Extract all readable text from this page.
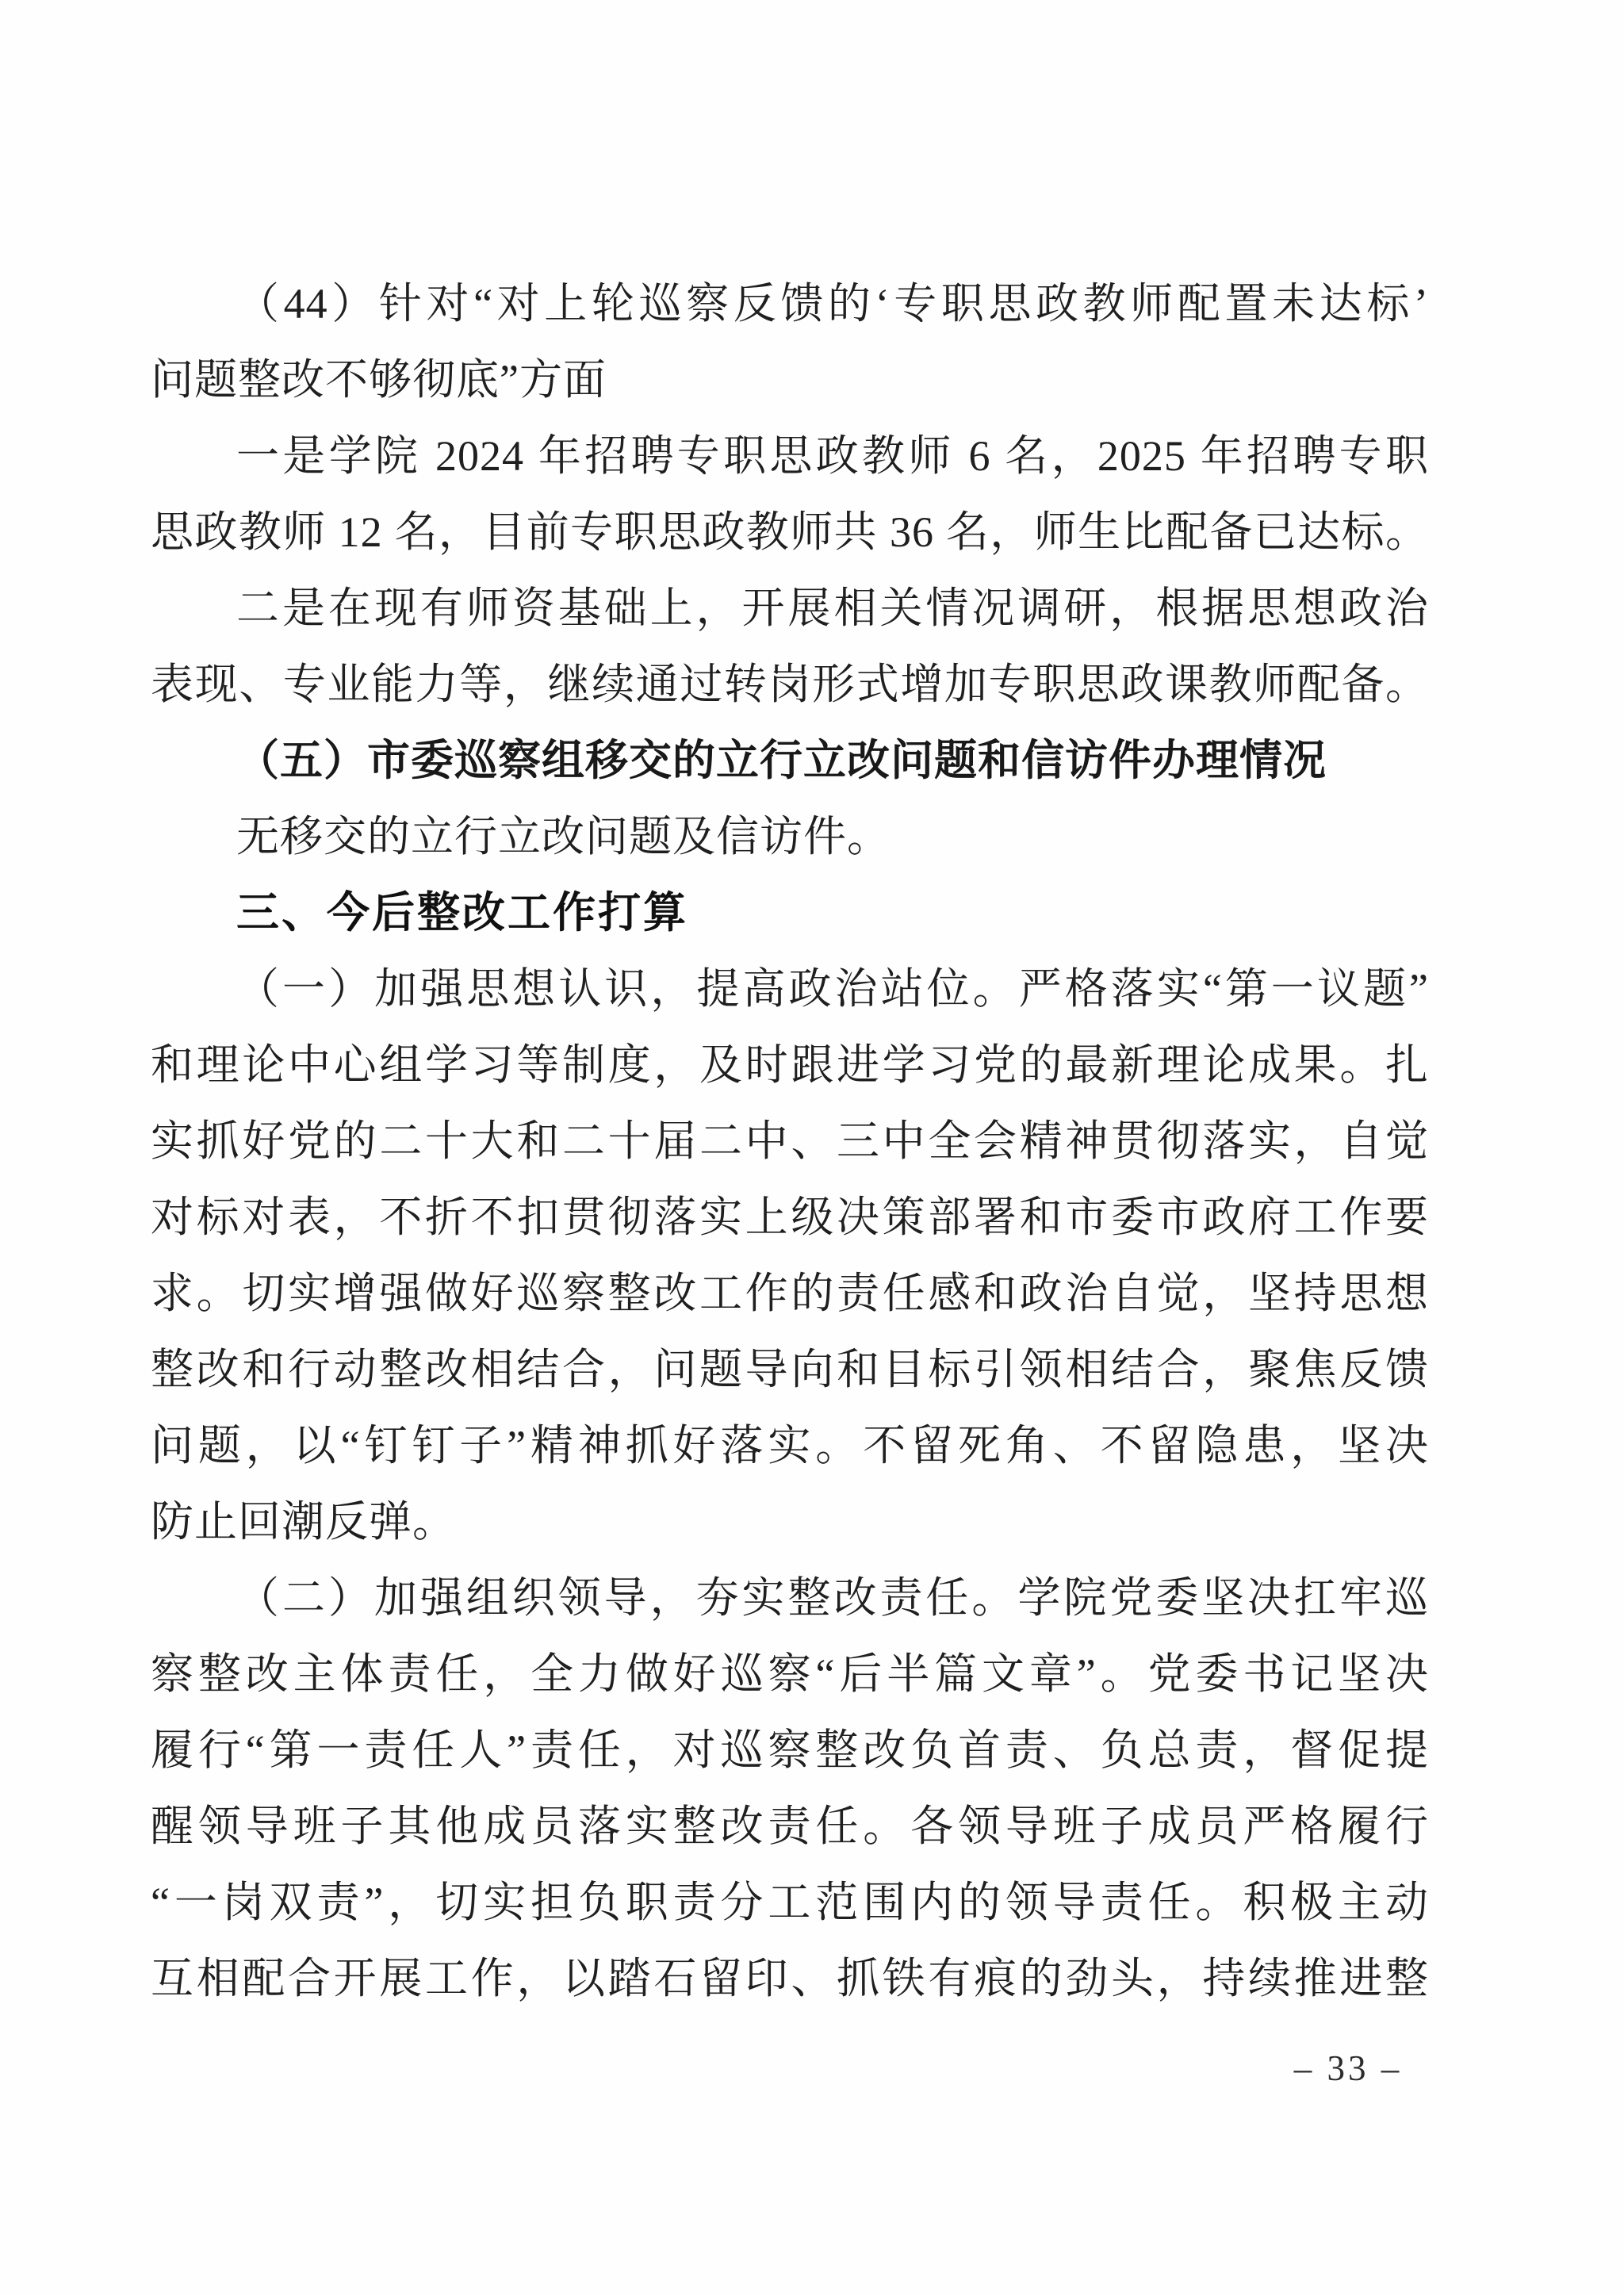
（44）针对“对上轮巡察反馈的‘专职思政教师配置未达标’
问题整改不够彻底”方面

一是学院 2024 年招聘专职思政教师 6 名，2025 年招聘专职
思政教师 12 名，目前专职思政教师共 36 名，师生比配备已达标。

二是在现有师资基础上，开展相关情况调研，根据思想政治
表现、专业能力等，继续通过转岗形式增加专职思政课教师配备。

（五）市委巡察组移交的立行立改问题和信访件办理情况

无移交的立行立改问题及信访件。

三、今后整改工作打算

（一）加强思想认识，提高政治站位。严格落实“第一议题”
和理论中心组学习等制度，及时跟进学习党的最新理论成果。扎
实抓好党的二十大和二十届二中、三中全会精神贯彻落实，自觉
对标对表，不折不扣贯彻落实上级决策部署和市委市政府工作要
求。切实增强做好巡察整改工作的责任感和政治自觉，坚持思想
整改和行动整改相结合，问题导向和目标引领相结合，聚焦反馈
问题，以“钉钉子”精神抓好落实。不留死角、不留隐患，坚决
防止回潮反弹。

（二）加强组织领导，夯实整改责任。学院党委坚决扛牢巡
察整改主体责任，全力做好巡察“后半篇文章”。党委书记坚决
履行“第一责任人”责任，对巡察整改负首责、负总责，督促提
醒领导班子其他成员落实整改责任。各领导班子成员严格履行
“一岗双责”，切实担负职责分工范围内的领导责任。积极主动
互相配合开展工作，以踏石留印、抓铁有痕的劲头，持续推进整

– 33 –
